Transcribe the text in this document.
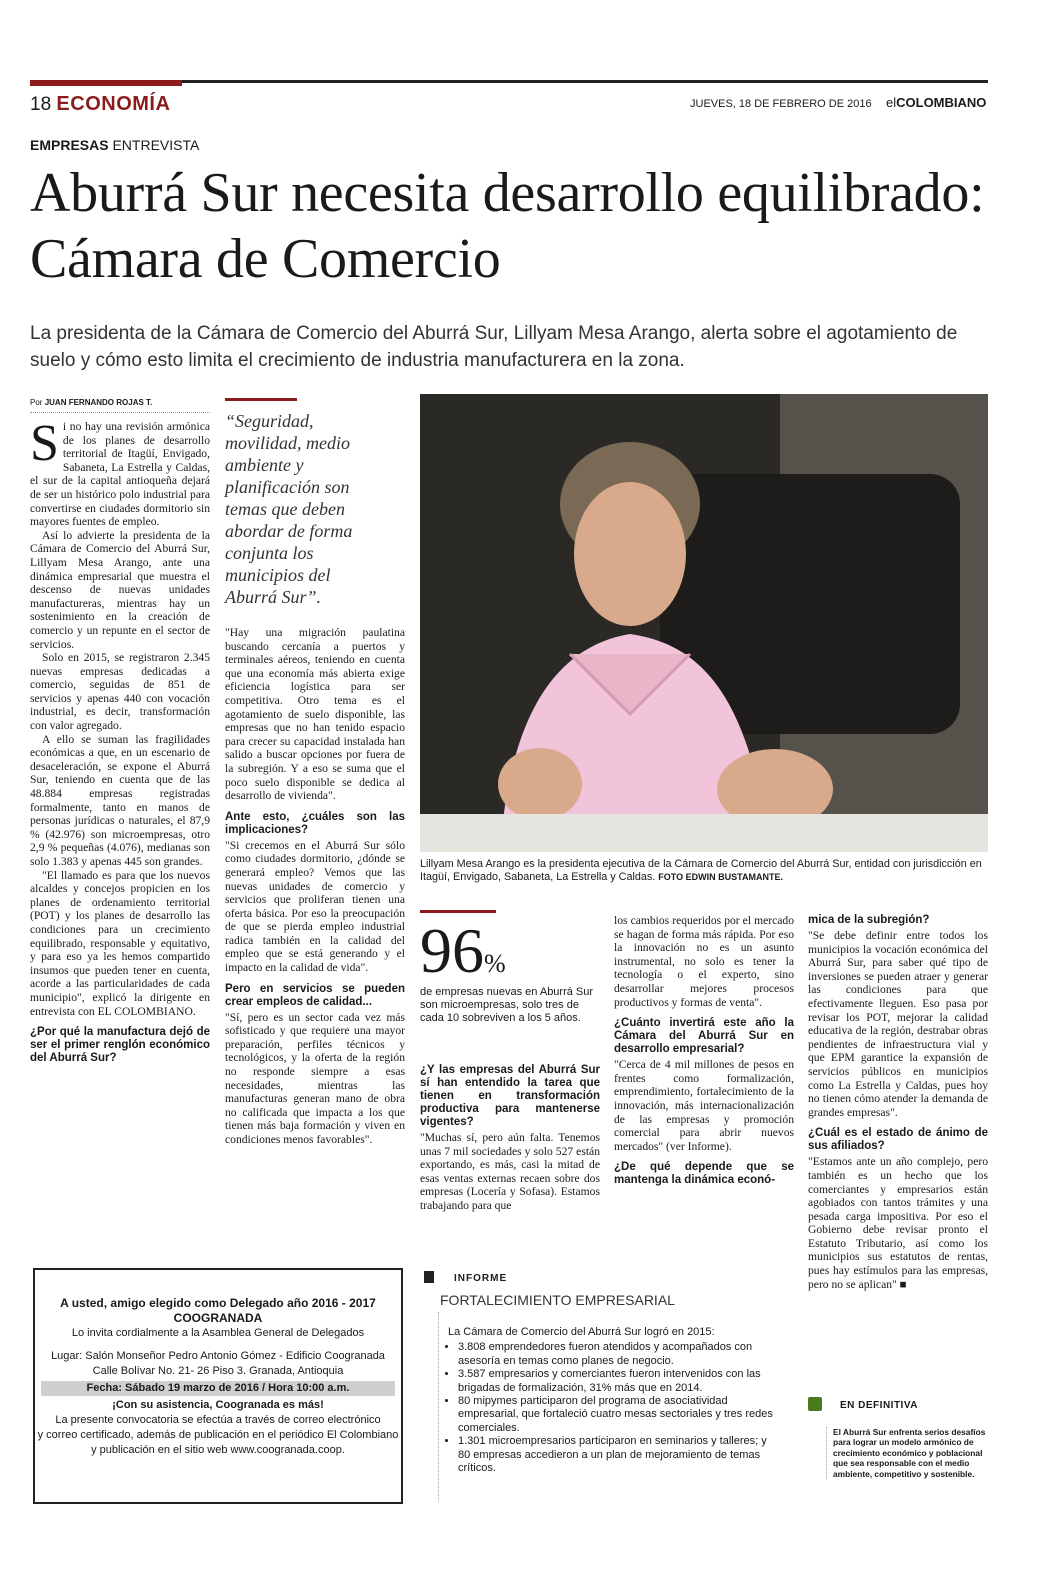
18 ECONOMÍA	JUEVES, 18 DE FEBRERO DE 2016 elCOLOMBIANO
EMPRESAS ENTREVISTA
Aburrá Sur necesita desarrollo equilibrado: Cámara de Comercio
La presidenta de la Cámara de Comercio del Aburrá Sur, Lillyam Mesa Arango, alerta sobre el agotamiento de suelo y cómo esto limita el crecimiento de industria manufacturera en la zona.
Por JUAN FERNANDO ROJAS T.

Si no hay una revisión armónica de los planes de desarrollo territorial de Itagüí, Envigado, Sabaneta, La Estrella y Caldas, el sur de la capital antioqueña dejará de ser un histórico polo industrial para convertirse en ciudades dormitorio sin mayores fuentes de empleo.

Así lo advierte la presidenta de la Cámara de Comercio del Aburrá Sur, Lillyam Mesa Arango, ante una dinámica empresarial que muestra el descenso de nuevas unidades manufactureras, mientras hay un sostenimiento en la creación de comercio y un repunte en el sector de servicios.

Solo en 2015, se registraron 2.345 nuevas empresas dedicadas a comercio, seguidas de 851 de servicios y apenas 440 con vocación industrial, es decir, transformación con valor agregado.

A ello se suman las fragilidades económicas a que, en un escenario de desaceleración, se expone el Aburrá Sur, teniendo en cuenta que de las 48.884 empresas registradas formalmente, tanto en manos de personas jurídicas o naturales, el 87,9 % (42.976) son microempresas, otro 2,9 % pequeñas (4.076), medianas son solo 1.383 y apenas 445 son grandes.

"El llamado es para que los nuevos alcaldes y concejos propicien en los planes de ordenamiento territorial (POT) y los planes de desarrollo las condiciones para un crecimiento equilibrado, responsable y equitativo, y para eso ya les hemos compartido insumos que pueden tener en cuenta, acorde a las particularidades de cada municipio", explicó la dirigente en entrevista con EL COLOMBIANO.

¿Por qué la manufactura dejó de ser el primer renglón económico del Aburrá Sur?
“Seguridad, movilidad, medio ambiente y planificación son temas que deben abordar de forma conjunta los municipios del Aburrá Sur”.

"Hay una migración paulatina buscando cercanía a puertos y terminales aéreos, teniendo en cuenta que una economía más abierta exige eficiencia logística para ser competitiva. Otro tema es el agotamiento de suelo disponible, las empresas que no han tenido espacio para crecer su capacidad instalada han salido a buscar opciones por fuera de la subregión. Y a eso se suma que el poco suelo disponible se dedica al desarrollo de vivienda".

Ante esto, ¿cuáles son las implicaciones?

"Si crecemos en el Aburrá Sur sólo como ciudades dormitorio, ¿dónde se generará empleo? Vemos que las nuevas unidades de comercio y servicios que proliferan tienen una oferta básica. Por eso la preocupación de que se pierda empleo industrial radica también en la calidad del empleo que se está generando y el impacto en la calidad de vida".

Pero en servicios se pueden crear empleos de calidad...

"Sí, pero es un sector cada vez más sofisticado y que requiere una mayor preparación, perfiles técnicos y tecnológicos, y la oferta de la región no responde siempre a esas necesidades, mientras las manufacturas generan mano de obra no calificada que impacta a los que tienen más baja formación y viven en condiciones menos favorables".

Lillyam Mesa Arango es la presidenta ejecutiva de la Cámara de Comercio del Aburrá Sur, entidad con jurisdicción en Itagüí, Envigado, Sabaneta, La Estrella y Caldas. FOTO EDWIN BUSTAMANTE.
96%
de empresas nuevas en Aburrá Sur son microempresas, solo tres de cada 10 sobreviven a los 5 años.
¿Y las empresas del Aburrá Sur sí han entendido la tarea que tienen en transformación productiva para mantenerse vigentes?

"Muchas sí, pero aún falta. Tenemos unas 7 mil sociedades y solo 527 están exportando, es más, casi la mitad de esas ventas externas recaen sobre dos empresas (Locería y Sofasa). Estamos trabajando para que

los cambios requeridos por el mercado se hagan de forma más rápida. Por eso la innovación no es un asunto instrumental, no solo es tener la tecnología o el experto, sino desarrollar mejores procesos productivos y formas de venta".

¿Cuánto invertirá este año la Cámara del Aburrá Sur en desarrollo empresarial?

"Cerca de 4 mil millones de pesos en frentes como formalización, emprendimiento, fortalecimiento de la innovación, más internacionalización de las empresas y promoción comercial para abrir nuevos mercados" (ver Informe).

¿De qué depende que se mantenga la dinámica econó-
mica de la subregión?

"Se debe definir entre todos los municipios la vocación económica del Aburrá Sur, para saber qué tipo de inversiones se pueden atraer y generar las condiciones para que efectivamente lleguen. Eso pasa por revisar los POT, mejorar la calidad educativa de la región, destrabar obras pendientes de infraestructura vial y que EPM garantice la expansión de servicios públicos en municipios como La Estrella y Caldas, pues hoy no tienen cómo atender la demanda de grandes empresas".

¿Cuál es el estado de ánimo de sus afiliados?

"Estamos ante un año complejo, pero también es un hecho que los comerciantes y empresarios están agobiados con tantos trámites y una pesada carga impositiva. Por eso el Gobierno debe revisar pronto el Estatuto Tributario, así como los municipios sus estatutos de rentas, pues hay estímulos para las empresas, pero no se aplican" ■

A usted, amigo elegido como Delegado año 2016 - 2017
COOGRANADA
Lo invita cordialmente a la Asamblea General de Delegados
Lugar: Salón Monseñor Pedro Antonio Gómez - Edificio Coogranada
Calle Bolívar No. 21- 26 Piso 3. Granada, Antioquia
Fecha: Sábado 19 marzo de 2016 / Hora 10:00 a.m.
¡Con su asistencia, Coogranada es más!
La presente convocatoria se efectúa a través de correo electrónico
y correo certificado, además de publicación en el periódico El Colombiano
y publicación en el sitio web www.coogranada.coop.
INFORME
FORTALECIMIENTO EMPRESARIAL
La Cámara de Comercio del Aburrá Sur logró en 2015:
• 3.808 emprendedores fueron atendidos y acompañados con asesoría en temas como planes de negocio.
• 3.587 empresarios y comerciantes fueron intervenidos con las brigadas de formalización, 31% más que en 2014.
• 80 mipymes participaron del programa de asociatividad empresarial, que fortaleció cuatro mesas sectoriales y tres redes comerciales.
• 1.301 microempresarios participaron en seminarios y talleres; y 80 empresas accedieron a un plan de mejoramiento de temas críticos.
EN DEFINITIVA
El Aburrá Sur enfrenta serios desafíos para lograr un modelo armónico de crecimiento económico y poblacional que sea responsable con el medio ambiente, competitivo y sostenible.
